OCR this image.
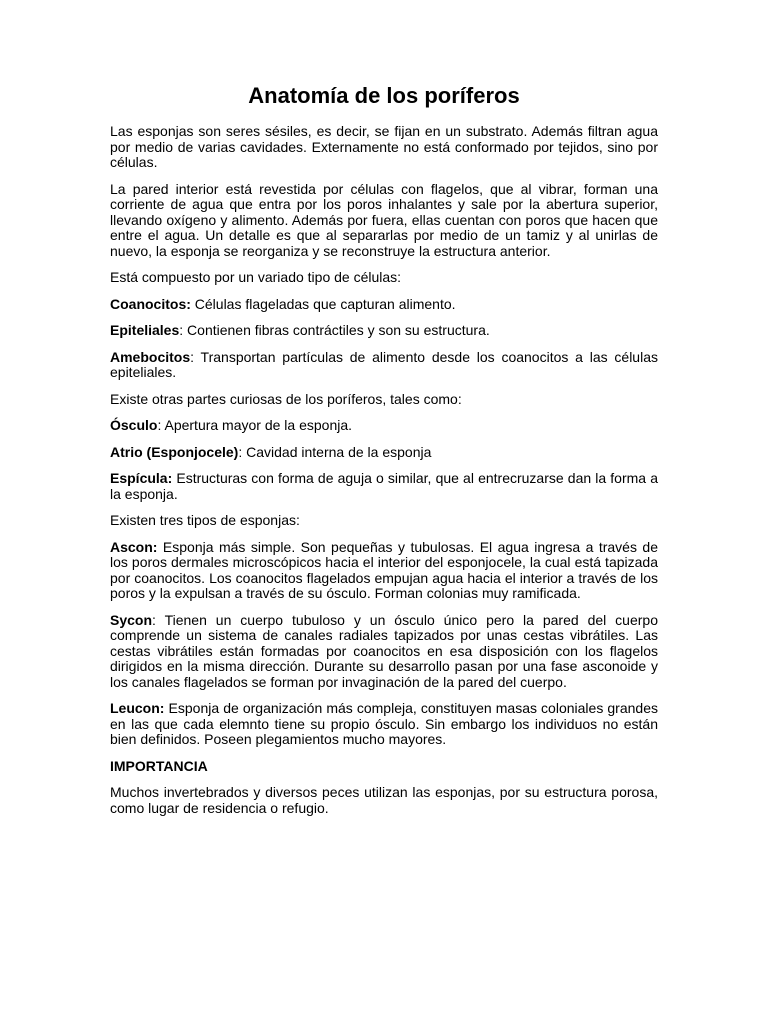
Anatomía de los poríferos

Las esponjas son seres sésiles, es decir, se fijan en un substrato. Además filtran agua por medio de varias cavidades. Externamente no está conformado por tejidos, sino por células.

La pared interior está revestida por células con flagelos, que al vibrar, forman una corriente de agua que entra por los poros inhalantes y sale por la abertura superior, llevando oxígeno y alimento. Además por fuera, ellas cuentan con poros que hacen que entre el agua. Un detalle es que al separarlas por medio de un tamiz y al unirlas de nuevo, la esponja se reorganiza y se reconstruye la estructura anterior.

Está compuesto por un variado tipo de células:

Coanocitos: Células flageladas que capturan alimento.

Epiteliales: Contienen fibras contráctiles y son su estructura.

Amebocitos: Transportan partículas de alimento desde los coanocitos a las células epiteliales.

Existe otras partes curiosas de los poríferos, tales como:

Ósculo: Apertura mayor de la esponja.

Atrio (Esponjocele): Cavidad interna de la esponja

Espícula: Estructuras con forma de aguja o similar, que al entrecruzarse dan la forma a la esponja.

Existen tres tipos de esponjas:

Ascon: Esponja más simple. Son pequeñas y tubulosas. El agua ingresa a través de los poros dermales microscópicos hacia el interior del esponjocele, la cual está tapizada por coanocitos. Los coanocitos flagelados empujan agua hacia el interior a través de los poros y la expulsan a través de su ósculo. Forman colonias muy ramificada.

Sycon: Tienen un cuerpo tubuloso y un ósculo único pero la pared del cuerpo comprende un sistema de canales radiales tapizados por unas cestas vibrátiles. Las cestas vibrátiles están formadas por coanocitos en esa disposición con los flagelos dirigidos en la misma dirección. Durante su desarrollo pasan por una fase asconoide y los canales flagelados se forman por invaginación de la pared del cuerpo.

Leucon: Esponja de organización más compleja, constituyen masas coloniales grandes en las que cada elemnto tiene su propio ósculo. Sin embargo los individuos no están bien definidos. Poseen plegamientos mucho mayores.

IMPORTANCIA

Muchos invertebrados y diversos peces utilizan las esponjas, por su estructura porosa, como lugar de residencia o refugio.
